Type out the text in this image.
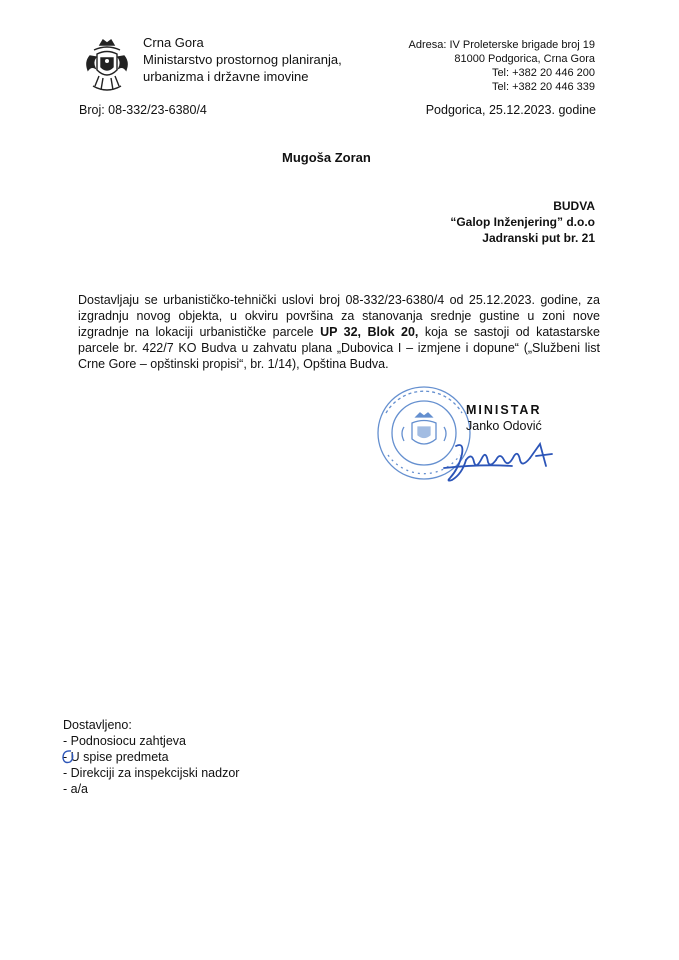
Crna Gora
Ministarstvo prostornog planiranja,
urbanizma i državne imovine
Adresa: IV Proleterske brigade broj 19
81000 Podgorica, Crna Gora
Tel: +382 20 446 200
Tel: +382 20 446 339
Broj: 08-332/23-6380/4	Podgorica, 25.12.2023. godine
Mugoša Zoran
BUDVA
“Galop Inženjering” d.o.o
Jadranski put br. 21
Dostavljaju se urbanističko-tehnički uslovi broj 08-332/23-6380/4 od 25.12.2023. godine, za izgradnju novog objekta, u okviru površina za stanovanja srednje gustine u zoni nove izgradnje na lokaciji urbanističke parcele UP 32, Blok 20, koja se sastoji od katastarske parcele br. 422/7 KO Budva u zahvatu plana „Dubovica I – izmjene i dopune“ („Službeni list Crne Gore – opštinski propisi“, br. 1/14), Opština Budva.
MINISTAR
Janko Odović
Dostavljeno:
- Podnosiocu zahtjeva
- U spise predmeta
- Direkciji za inspekcijski nadzor
- a/a
